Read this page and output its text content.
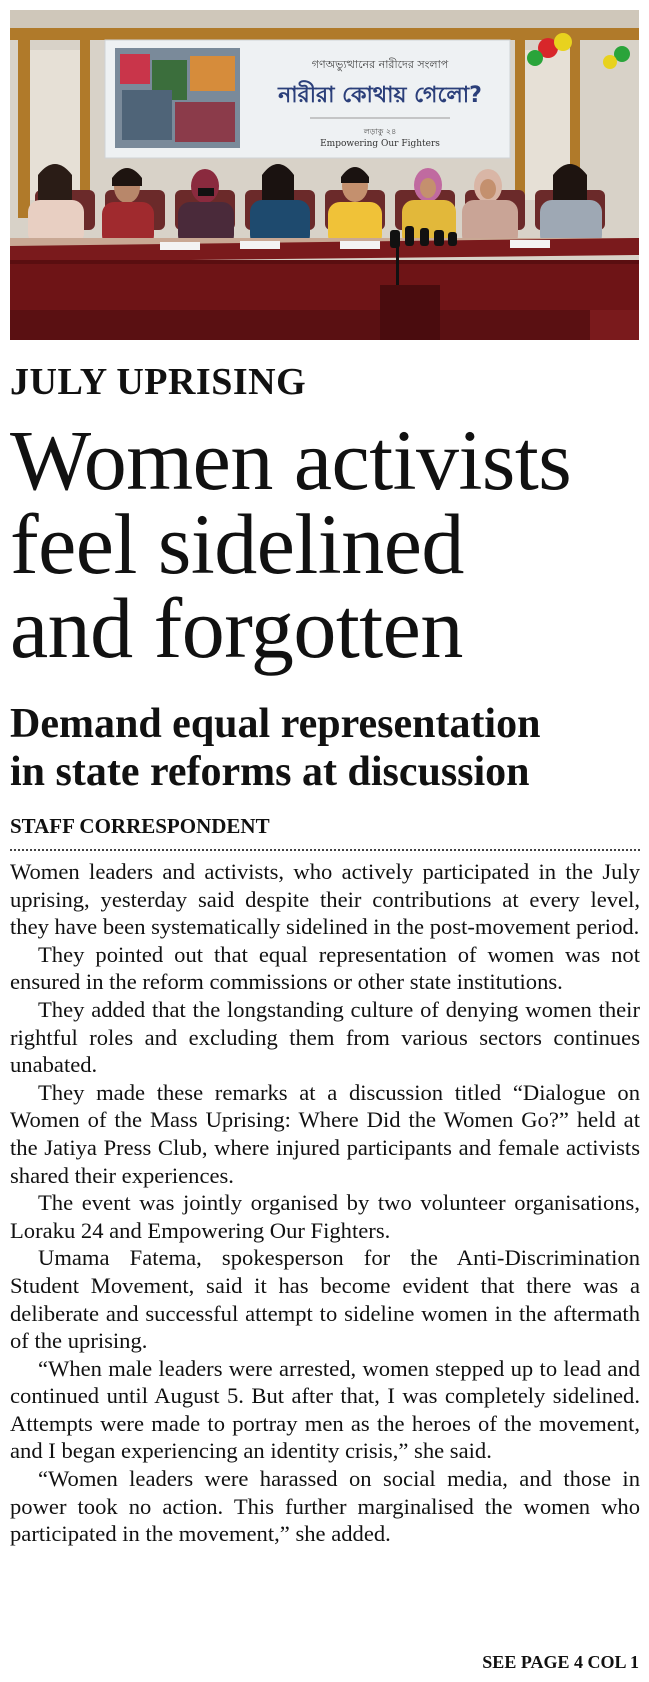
গণঅভ্যুত্থানের নারীদের সংলাপ
নারীরা কোথায় গেলো?
লড়াকু ২৪
Empowering Our Fighters
JULY UPRISING
Women activists
feel sidelined
and forgotten
Demand equal representation
in state reforms at discussion
STAFF CORRESPONDENT

Women leaders and activists, who actively participated in the July uprising, yesterday said despite their contributions at every level, they have been systematically sidelined in the post-movement period.

They pointed out that equal representation of women was not ensured in the reform commissions or other state institutions.

They added that the longstanding culture of denying women their rightful roles and excluding them from various sectors continues unabated.

They made these remarks at a discussion titled “Dialogue on Women of the Mass Uprising: Where Did the Women Go?” held at the Jatiya Press Club, where injured participants and female activists shared their experiences.

The event was jointly organised by two volunteer organisations, Loraku 24 and Empowering Our Fighters.

Umama Fatema, spokesperson for the Anti-Discrimination Student Movement, said it has become evident that there was a deliberate and successful attempt to sideline women in the aftermath of the uprising.

“When male leaders were arrested, women stepped up to lead and continued until August 5. But after that, I was completely sidelined. Attempts were made to portray men as the heroes of the movement, and I began experiencing an identity crisis,” she said.

“Women leaders were harassed on social media, and those in power took no action. This further marginalised the women who participated in the movement,” she added.

SEE PAGE 4 COL 1
